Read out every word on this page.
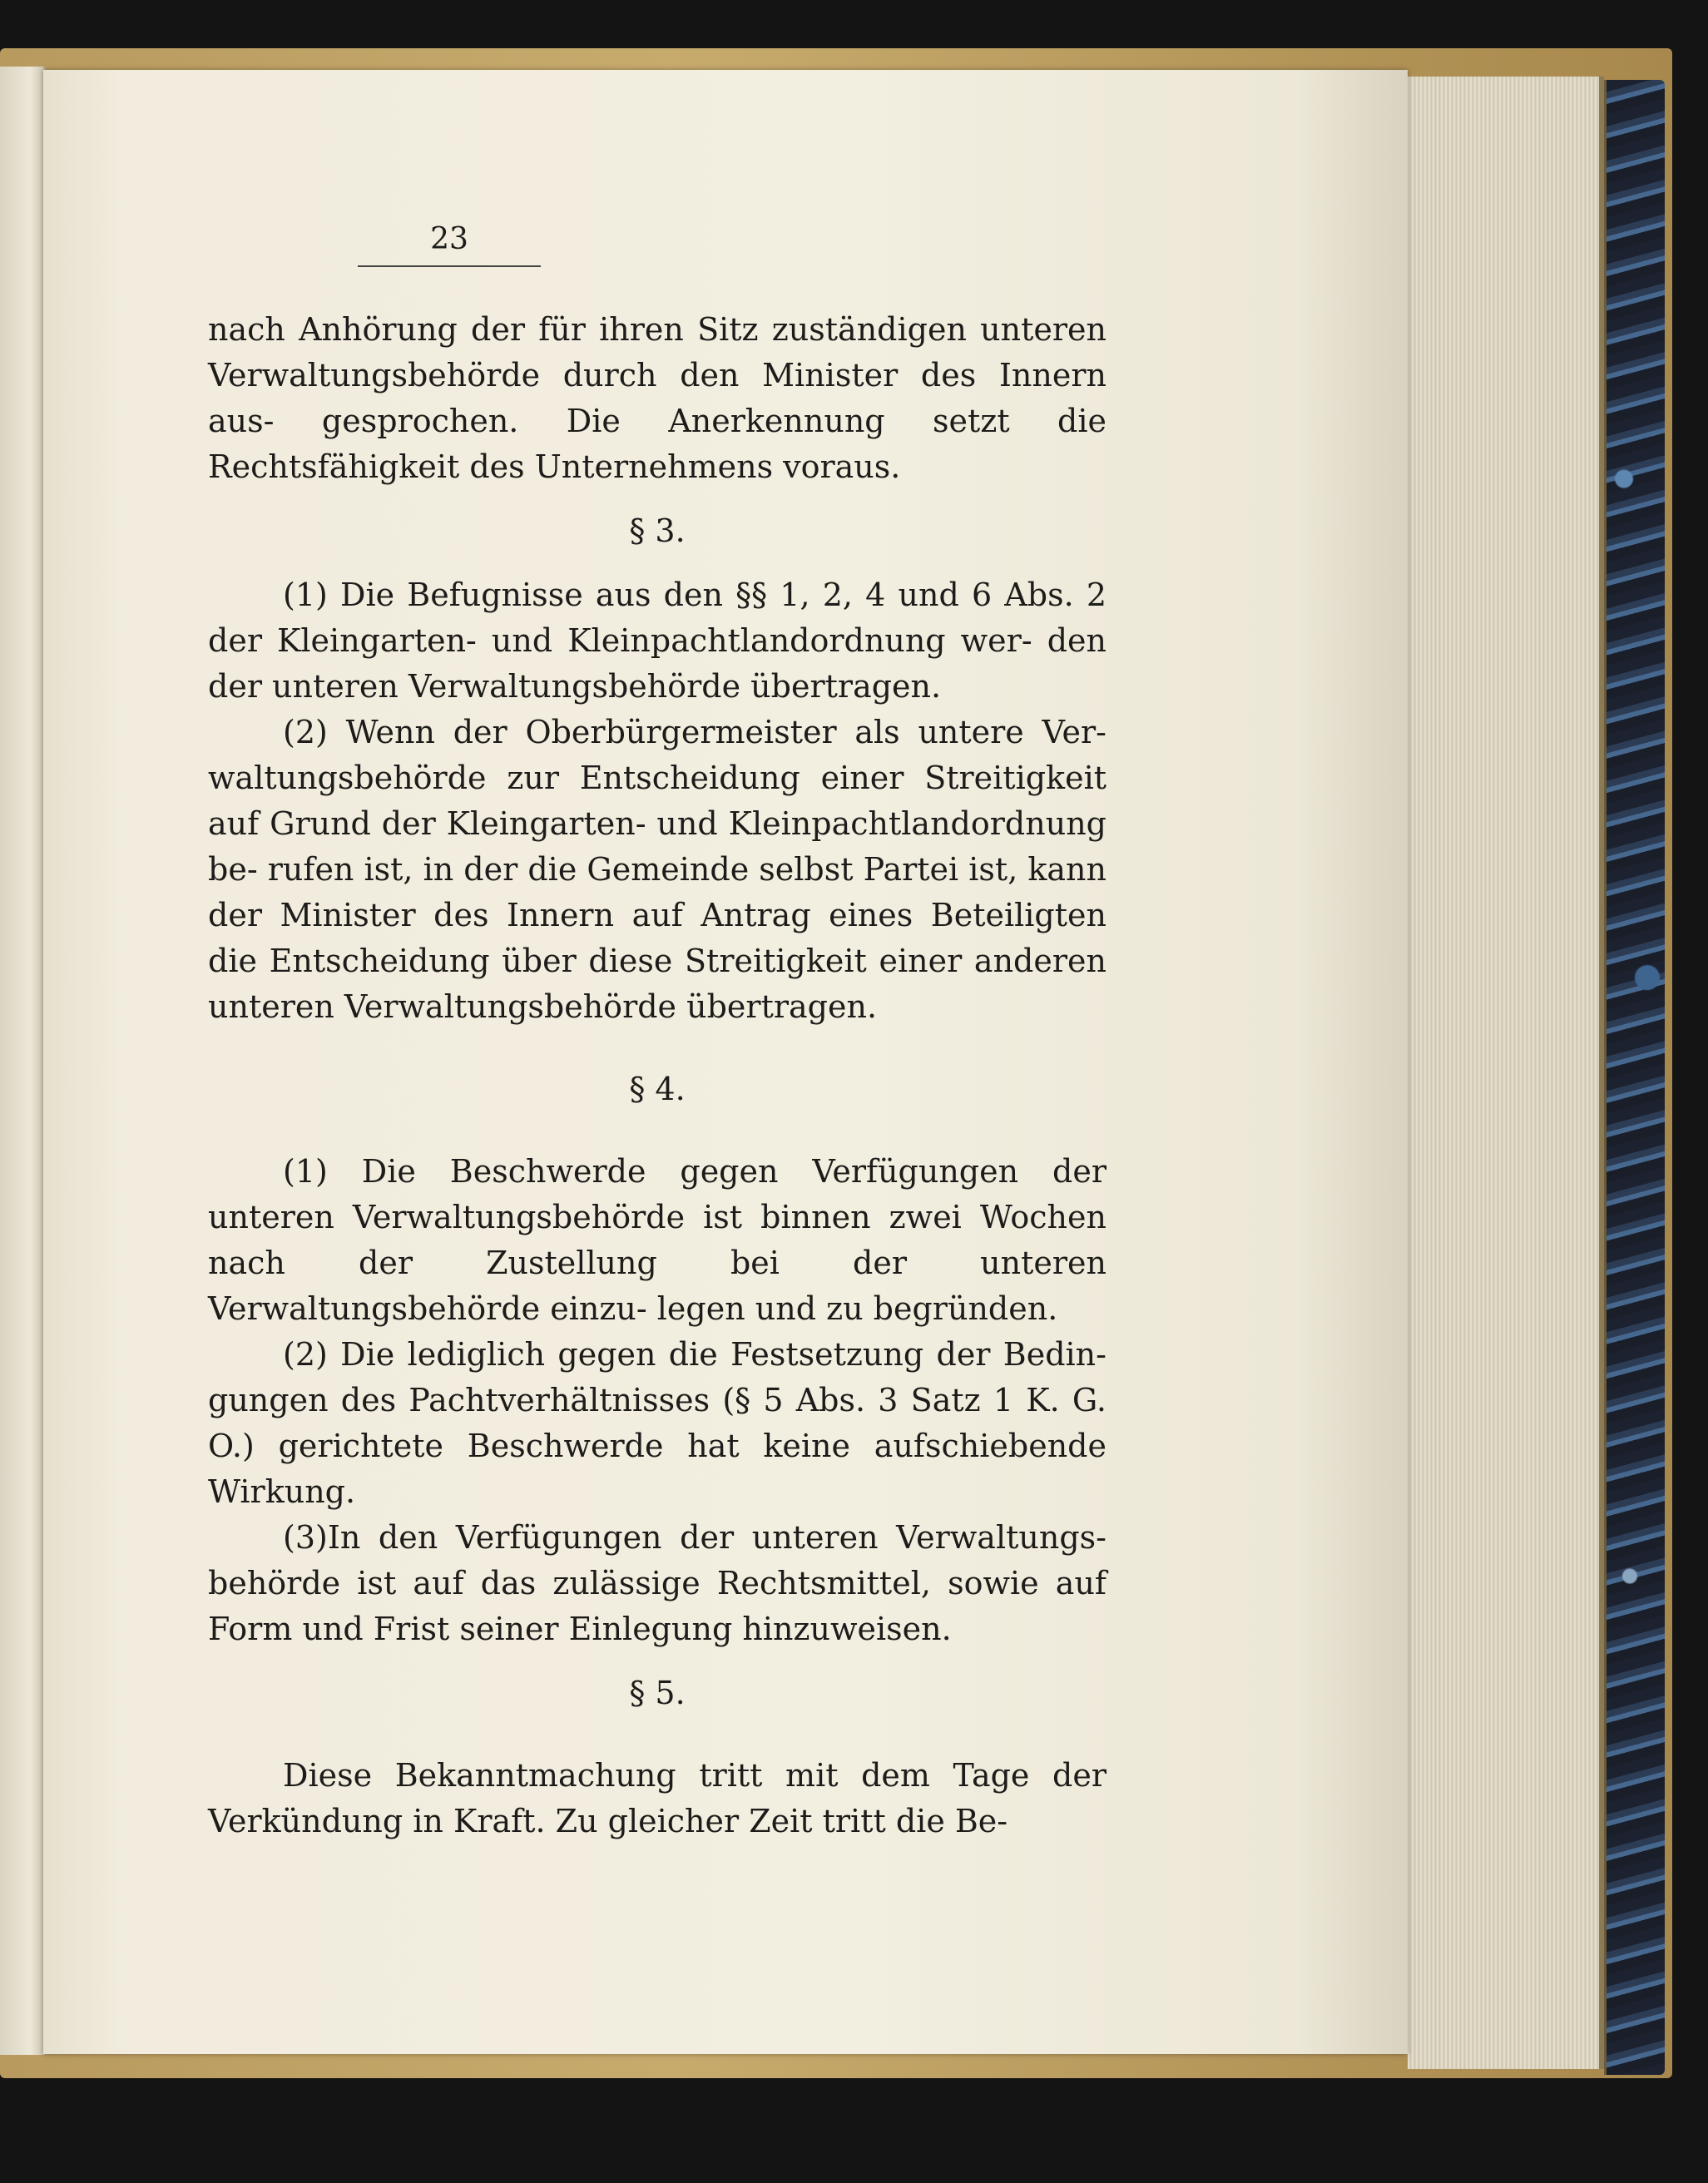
23

nach Anhörung der für ihren Sitz zuständigen unteren Verwaltungsbehörde durch den Minister des Innern aus- gesprochen. Die Anerkennung setzt die Rechtsfähigkeit des Unternehmens voraus.

§ 3.

(1) Die Befugnisse aus den §§ 1, 2, 4 und 6 Abs. 2 der Kleingarten- und Kleinpachtlandordnung wer- den der unteren Verwaltungsbehörde übertragen.

(2) Wenn der Oberbürgermeister als untere Ver- waltungsbehörde zur Entscheidung einer Streitigkeit auf Grund der Kleingarten- und Kleinpachtlandordnung be- rufen ist, in der die Gemeinde selbst Partei ist, kann der Minister des Innern auf Antrag eines Beteiligten die Entscheidung über diese Streitigkeit einer anderen unteren Verwaltungsbehörde übertragen.

§ 4.

(1) Die Beschwerde gegen Verfügungen der unteren Verwaltungsbehörde ist binnen zwei Wochen nach der Zustellung bei der unteren Verwaltungsbehörde einzu- legen und zu begründen.

(2) Die lediglich gegen die Festsetzung der Bedin- gungen des Pachtverhältnisses (§ 5 Abs. 3 Satz 1 K. G. O.) gerichtete Beschwerde hat keine aufschiebende Wirkung.

(3)In den Verfügungen der unteren Verwaltungs- behörde ist auf das zulässige Rechtsmittel, sowie auf Form und Frist seiner Einlegung hinzuweisen.

§ 5.

Diese Bekanntmachung tritt mit dem Tage der Verkündung in Kraft. Zu gleicher Zeit tritt die Be-
